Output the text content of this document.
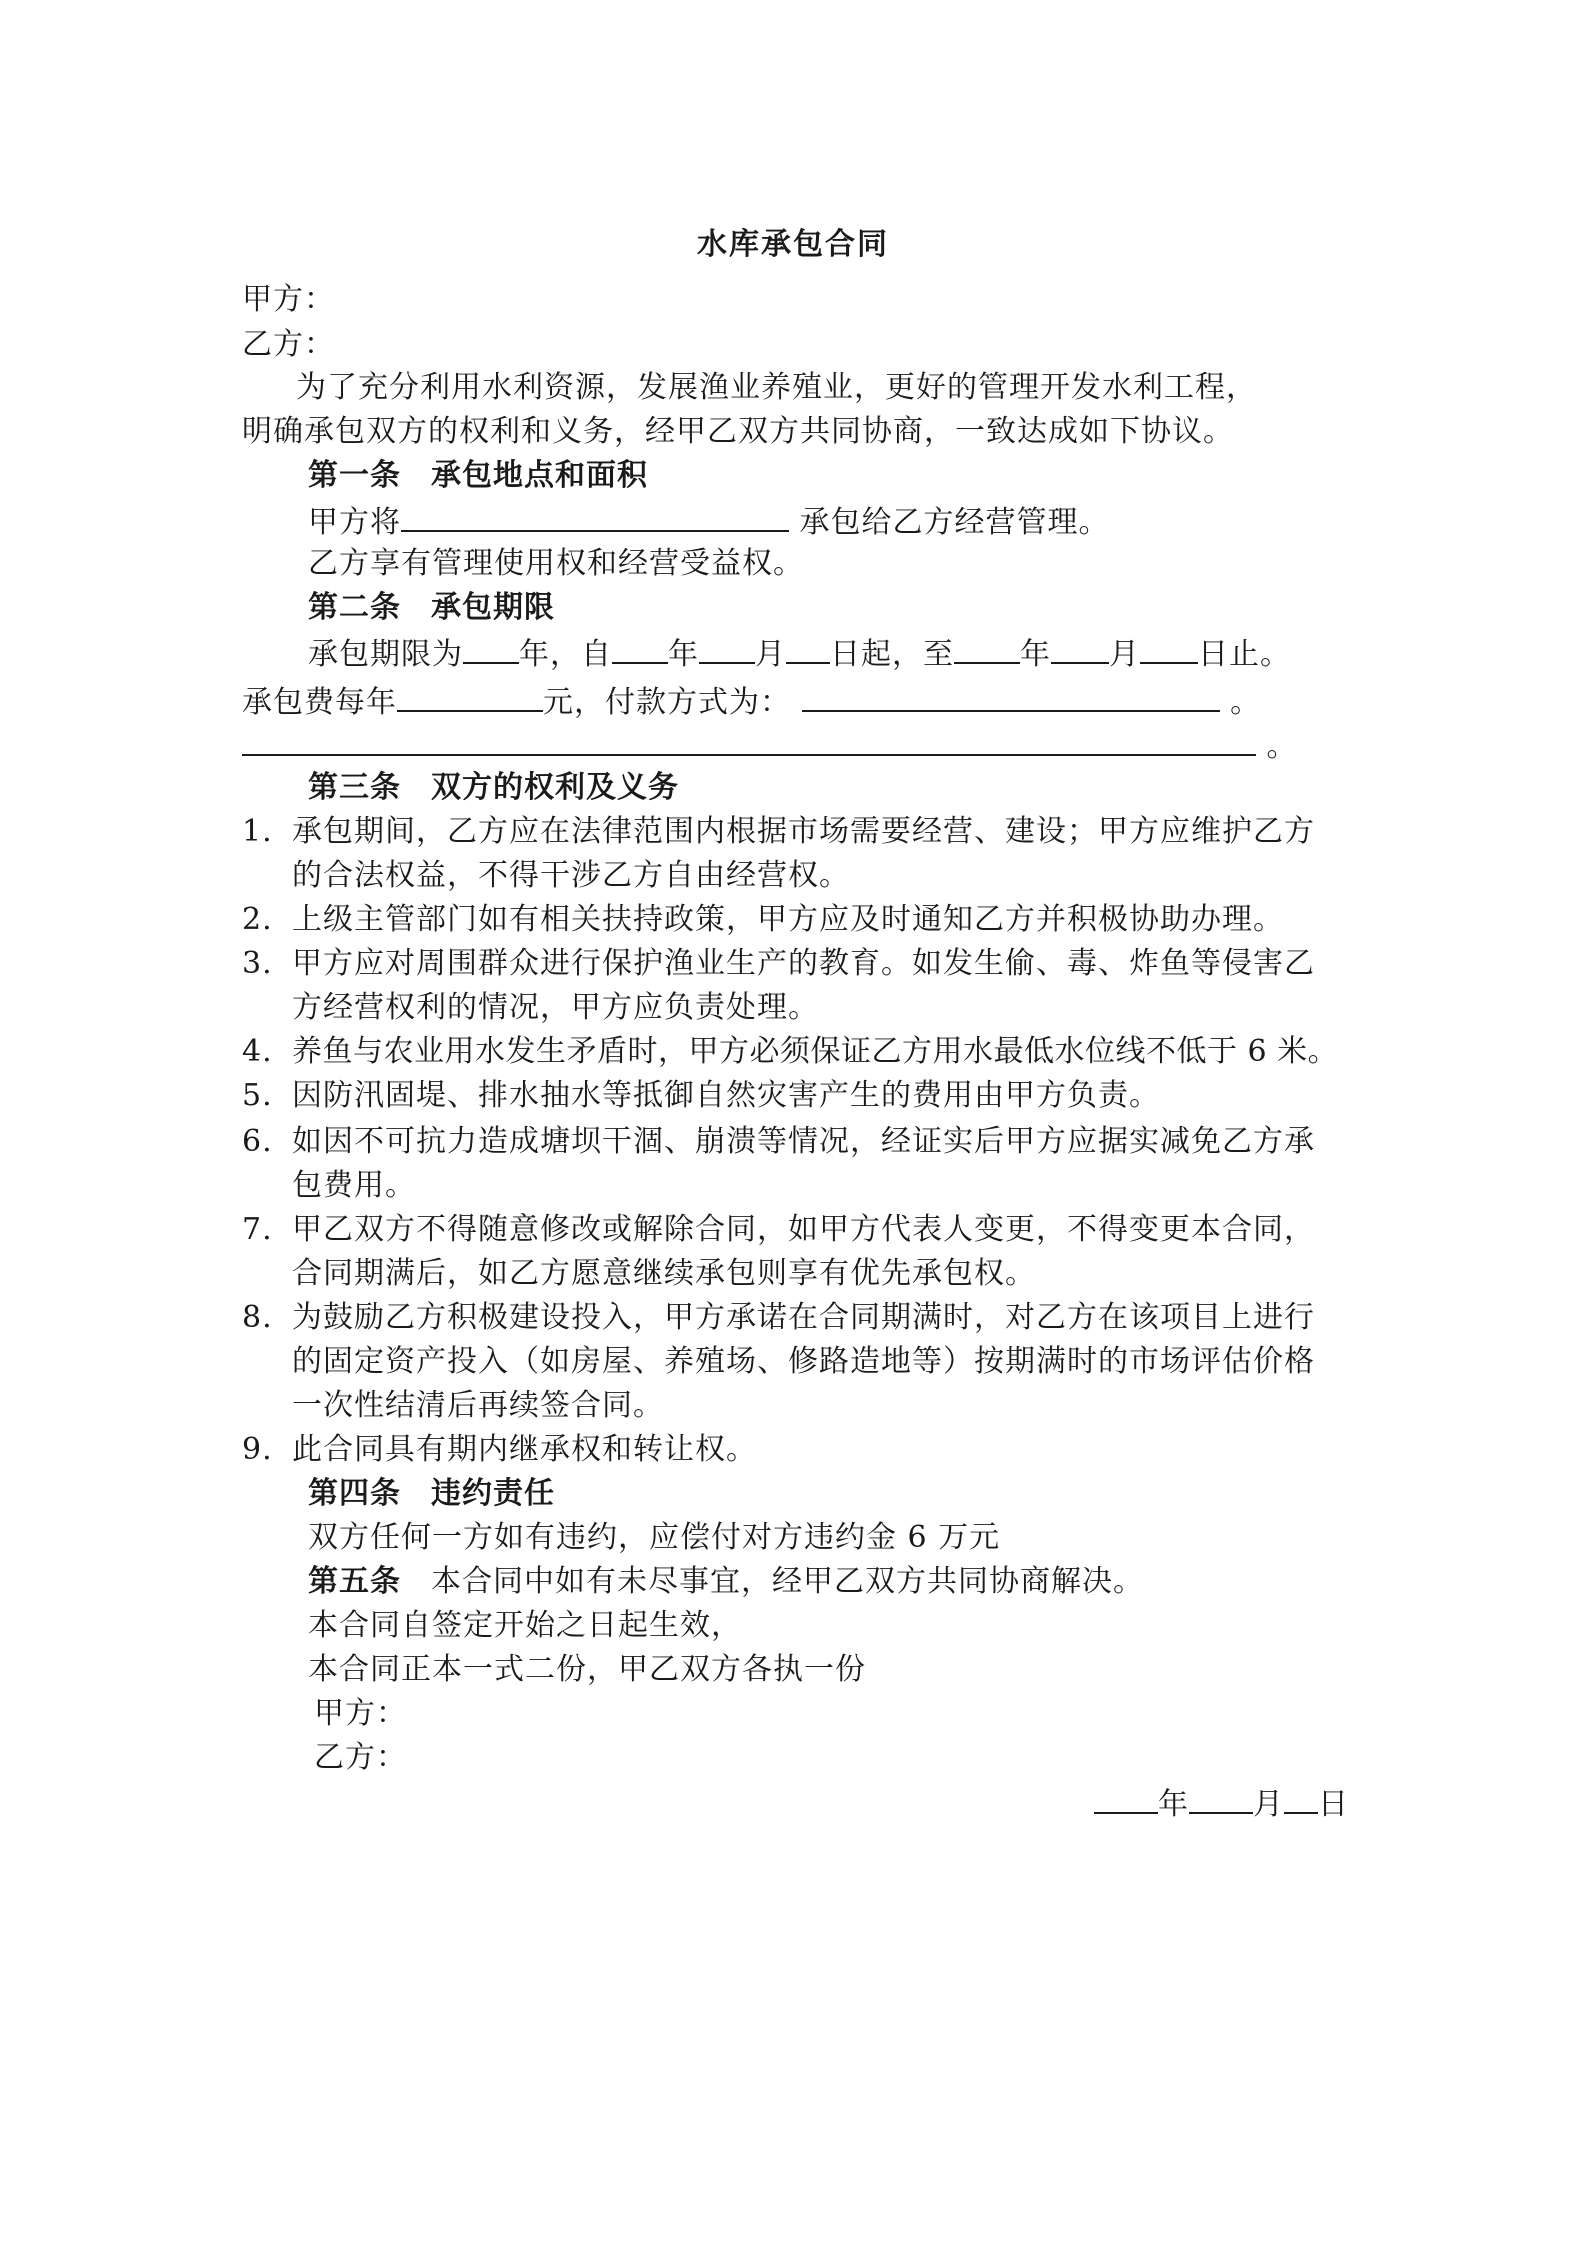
水库承包合同
甲方：
乙方：
为了充分利用水利资源，发展渔业养殖业，更好的管理开发水利工程，
明确承包双方的权利和义务，经甲乙双方共同协商，一致达成如下协议。
第一条 承包地点和面积
甲方将	承包给乙方经营管理。
乙方享有管理使用权和经营受益权。
第二条 承包期限
承包期限为 年，自 年 月 日起，至 年 月 日止。
承包费每年	元，付款方式为：	。
。
第三条 双方的权利及义务
1. 承包期间，乙方应在法律范围内根据市场需要经营、建设；甲方应维护乙方
的合法权益，不得干涉乙方自由经营权。
2. 上级主管部门如有相关扶持政策，甲方应及时通知乙方并积极协助办理。
3. 甲方应对周围群众进行保护渔业生产的教育。如发生偷、毒、炸鱼等侵害乙
方经营权利的情况，甲方应负责处理。
4. 养鱼与农业用水发生矛盾时，甲方必须保证乙方用水最低水位线不低于 6 米。
5. 因防汛固堤、排水抽水等抵御自然灾害产生的费用由甲方负责。
6. 如因不可抗力造成塘坝干涸、崩溃等情况，经证实后甲方应据实减免乙方承
包费用。
7. 甲乙双方不得随意修改或解除合同，如甲方代表人变更，不得变更本合同，
合同期满后，如乙方愿意继续承包则享有优先承包权。
8. 为鼓励乙方积极建设投入，甲方承诺在合同期满时，对乙方在该项目上进行
的固定资产投入（如房屋、养殖场、修路造地等）按期满时的市场评估价格
一次性结清后再续签合同。
9. 此合同具有期内继承权和转让权。
第四条 违约责任
双方任何一方如有违约，应偿付对方违约金 6 万元
第五条 本合同中如有未尽事宜，经甲乙双方共同协商解决。
本合同自签定开始之日起生效，
本合同正本一式二份，甲乙双方各执一份
甲方：
乙方：
年 月 日
